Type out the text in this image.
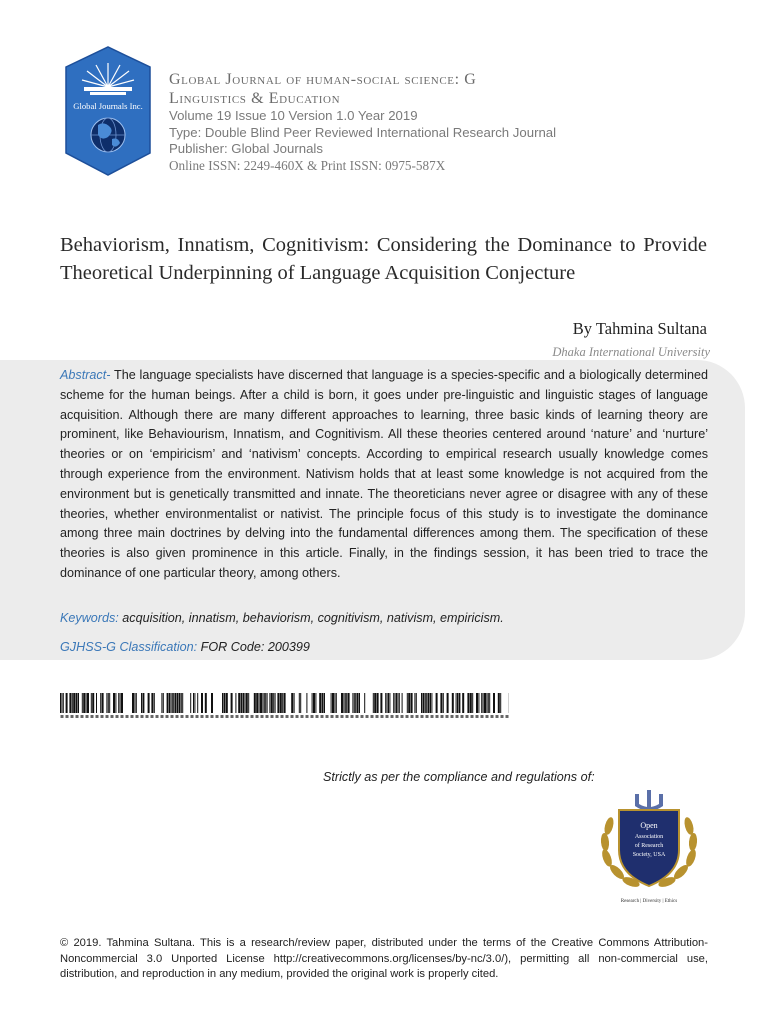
Global Journals Inc.
Global Journal of human-social science: G
Linguistics & Education
Volume 19 Issue 10 Version 1.0 Year 2019
Type: Double Blind Peer Reviewed International Research Journal
Publisher: Global Journals
Online ISSN: 2249-460X & Print ISSN: 0975-587X
Behaviorism, Innatism, Cognitivism: Considering the Dominance to Provide Theoretical Underpinning of Language Acquisition Conjecture
By Tahmina Sultana
Dhaka International University

Abstract- The language specialists have discerned that language is a species-specific and a biologically determined scheme for the human beings. After a child is born, it goes under pre-linguistic and linguistic stages of language acquisition. Although there are many different approaches to learning, three basic kinds of learning theory are prominent, like Behaviourism, Innatism, and Cognitivism. All these theories centered around ‘nature’ and ‘nurture’ theories or on ‘empiricism’ and ‘nativism’ concepts. According to empirical research usually knowledge comes through experience from the environment. Nativism holds that at least some knowledge is not acquired from the environment but is genetically transmitted and innate. The theoreticians never agree or disagree with any of these theories, whether environmentalist or nativist. The principle focus of this study is to investigate the dominance among three main doctrines by delving into the fundamental differences among them. The specification of these theories is also given prominence in this article. Finally, in the findings session, it has been tried to trace the dominance of one particular theory, among others.

Keywords: acquisition, innatism, behaviorism, cognitivism, nativism, empiricism.
GJHSS-G Classification: FOR Code: 200399
Strictly as per the compliance and regulations of:
Open
Association
of Research
Society, USA
Research | Diversity | Ethics

© 2019. Tahmina Sultana. This is a research/review paper, distributed under the terms of the Creative Commons Attribution-Noncommercial 3.0 Unported License http://creativecommons.org/licenses/by-nc/3.0/), permitting all non-commercial use, distribution, and reproduction in any medium, provided the original work is properly cited.
